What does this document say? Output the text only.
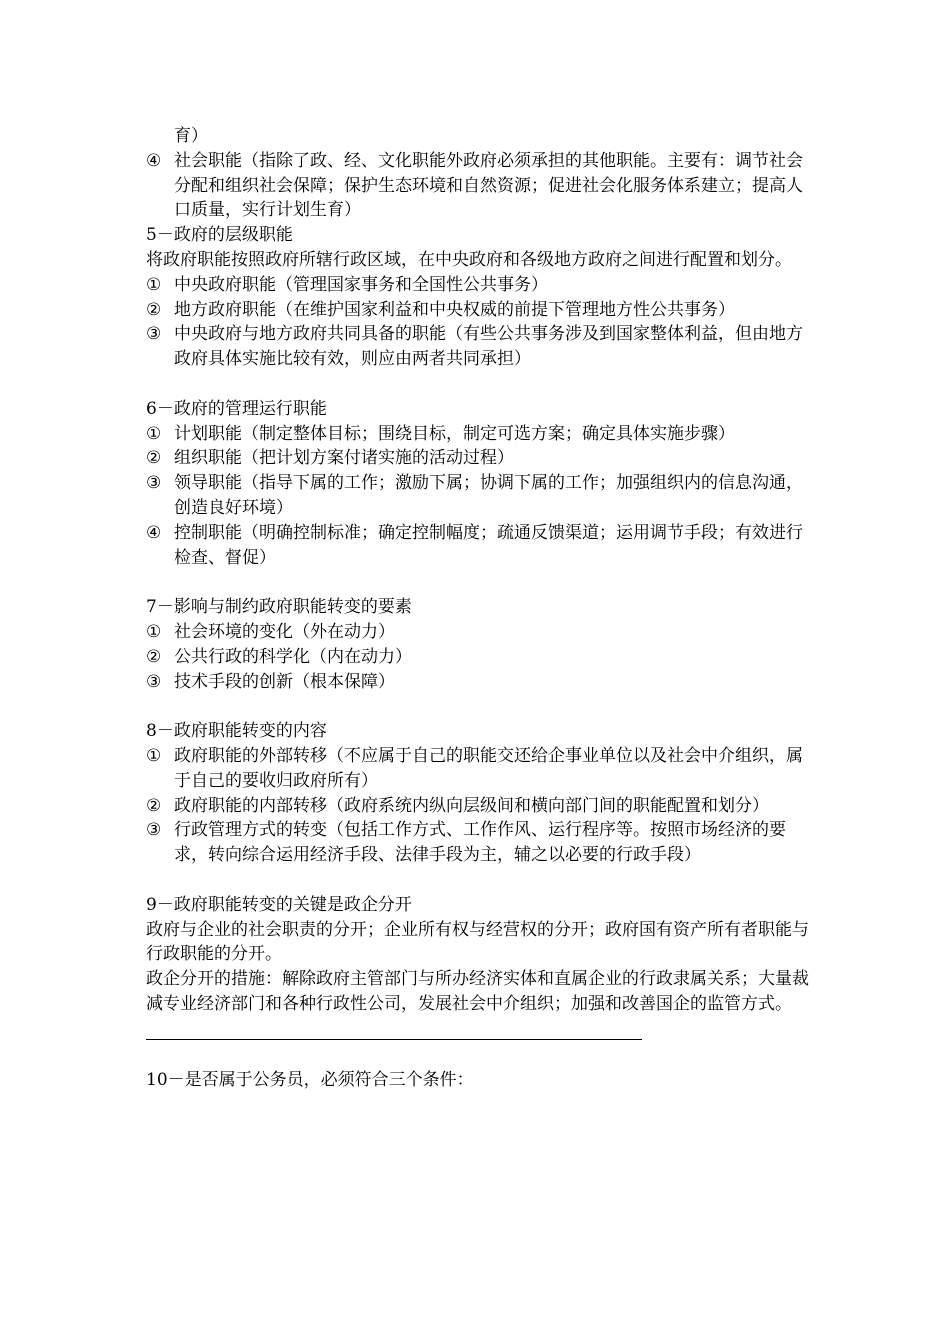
育）

④ 社会职能（指除了政、经、文化职能外政府必须承担的其他职能。主要有：调节社会分配和组织社会保障；保护生态环境和自然资源；促进社会化服务体系建立；提高人口质量，实行计划生育）

5－政府的层级职能

将政府职能按照政府所辖行政区域，在中央政府和各级地方政府之间进行配置和划分。

① 中央政府职能（管理国家事务和全国性公共事务）
② 地方政府职能（在维护国家利益和中央权威的前提下管理地方性公共事务）
③ 中央政府与地方政府共同具备的职能（有些公共事务涉及到国家整体利益，但由地方政府具体实施比较有效，则应由两者共同承担）

6－政府的管理运行职能

① 计划职能（制定整体目标；围绕目标，制定可选方案；确定具体实施步骤）
② 组织职能（把计划方案付诸实施的活动过程）
③ 领导职能（指导下属的工作；激励下属；协调下属的工作；加强组织内的信息沟通，创造良好环境）
④ 控制职能（明确控制标准；确定控制幅度；疏通反馈渠道；运用调节手段；有效进行检查、督促）

7－影响与制约政府职能转变的要素

① 社会环境的变化（外在动力）
② 公共行政的科学化（内在动力）
③ 技术手段的创新（根本保障）

8－政府职能转变的内容

① 政府职能的外部转移（不应属于自己的职能交还给企事业单位以及社会中介组织，属于自己的要收归政府所有）
② 政府职能的内部转移（政府系统内纵向层级间和横向部门间的职能配置和划分）
③ 行政管理方式的转变（包括工作方式、工作作风、运行程序等。按照市场经济的要求，转向综合运用经济手段、法律手段为主，辅之以必要的行政手段）

9－政府职能转变的关键是政企分开

政府与企业的社会职责的分开；企业所有权与经营权的分开；政府国有资产所有者职能与行政职能的分开。

政企分开的措施：解除政府主管部门与所办经济实体和直属企业的行政隶属关系；大量裁减专业经济部门和各种行政性公司，发展社会中介组织；加强和改善国企的监管方式。

10－是否属于公务员，必须符合三个条件：
